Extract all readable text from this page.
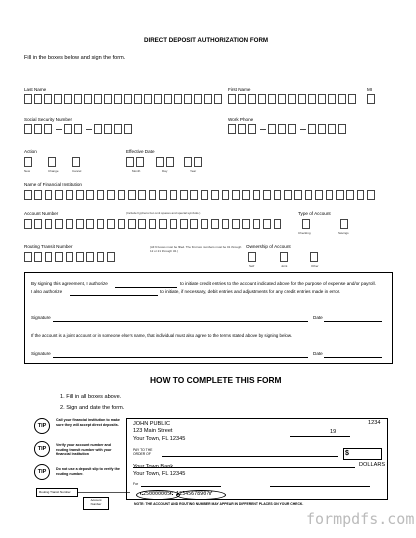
DIRECT DEPOSIT AUTHORIZATION FORM
Fill in the boxes below and sign the form.
Last Name	First Name	MI
Social Security Number	Work Phone
Action	Effective Date
New	Change	Cancel	Month	Day	Year
Name of Financial Institution
Account Number	(Include hyphens but omit spaces and special symbols.)	Type of Account
Checking	Savings
Routing Transit Number	(All 9 boxes must be filled. The first two numbers must be 01 through 12 or 21 through 32.)
Ownership of Account
Self	Joint	Other
By signing this agreement, I authorize	to initiate credit entries to the account indicated above for the purpose of expense and/or payroll.
I also authorize	to initiate, if necessary, debit entries and adjustments for any credit entries made in error.
Signature	Date
If the account is a joint account or in someone else's name, that individual must also agree to the terms stated above by signing below.
Signature	Date
HOW TO COMPLETE THIS FORM
1. Fill in all boxes above.
2. Sign and date the form.
TIP
Call your financial institution to make sure they will accept direct deposits.
TIP
Verify your account number and routing transit number with your financial institution
TIP	Do not use a deposit slip to verify the routing number.
Routing Transit Number
Account Number
1234
JOHN PUBLIC
123 Main Street
Your Town, FL 12345
19
PAY TO THE ORDER OF	$
DOLLARS
Your Town Bank
Your Town, FL 12345
For
⑆250000005⑆ 1234567890?⑈
NOTE: THE ACCOUNT AND ROUTING NUMBER MAY APPEAR IN DIFFERENT PLACES ON YOUR CHECK.
formpdfs.com
